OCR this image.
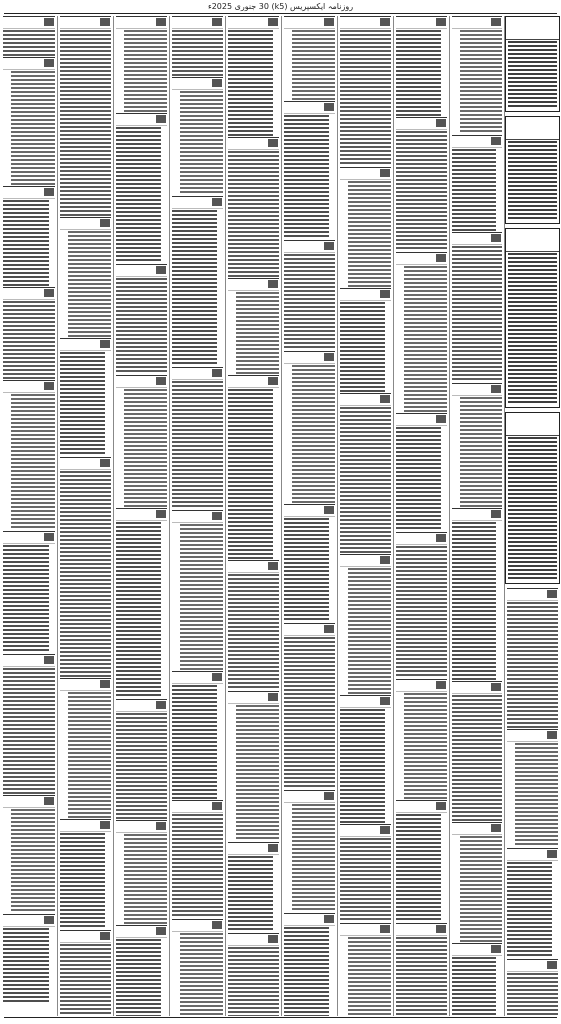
روزنامہ ایکسپریس (k5) 30 جنوری 2025ء
